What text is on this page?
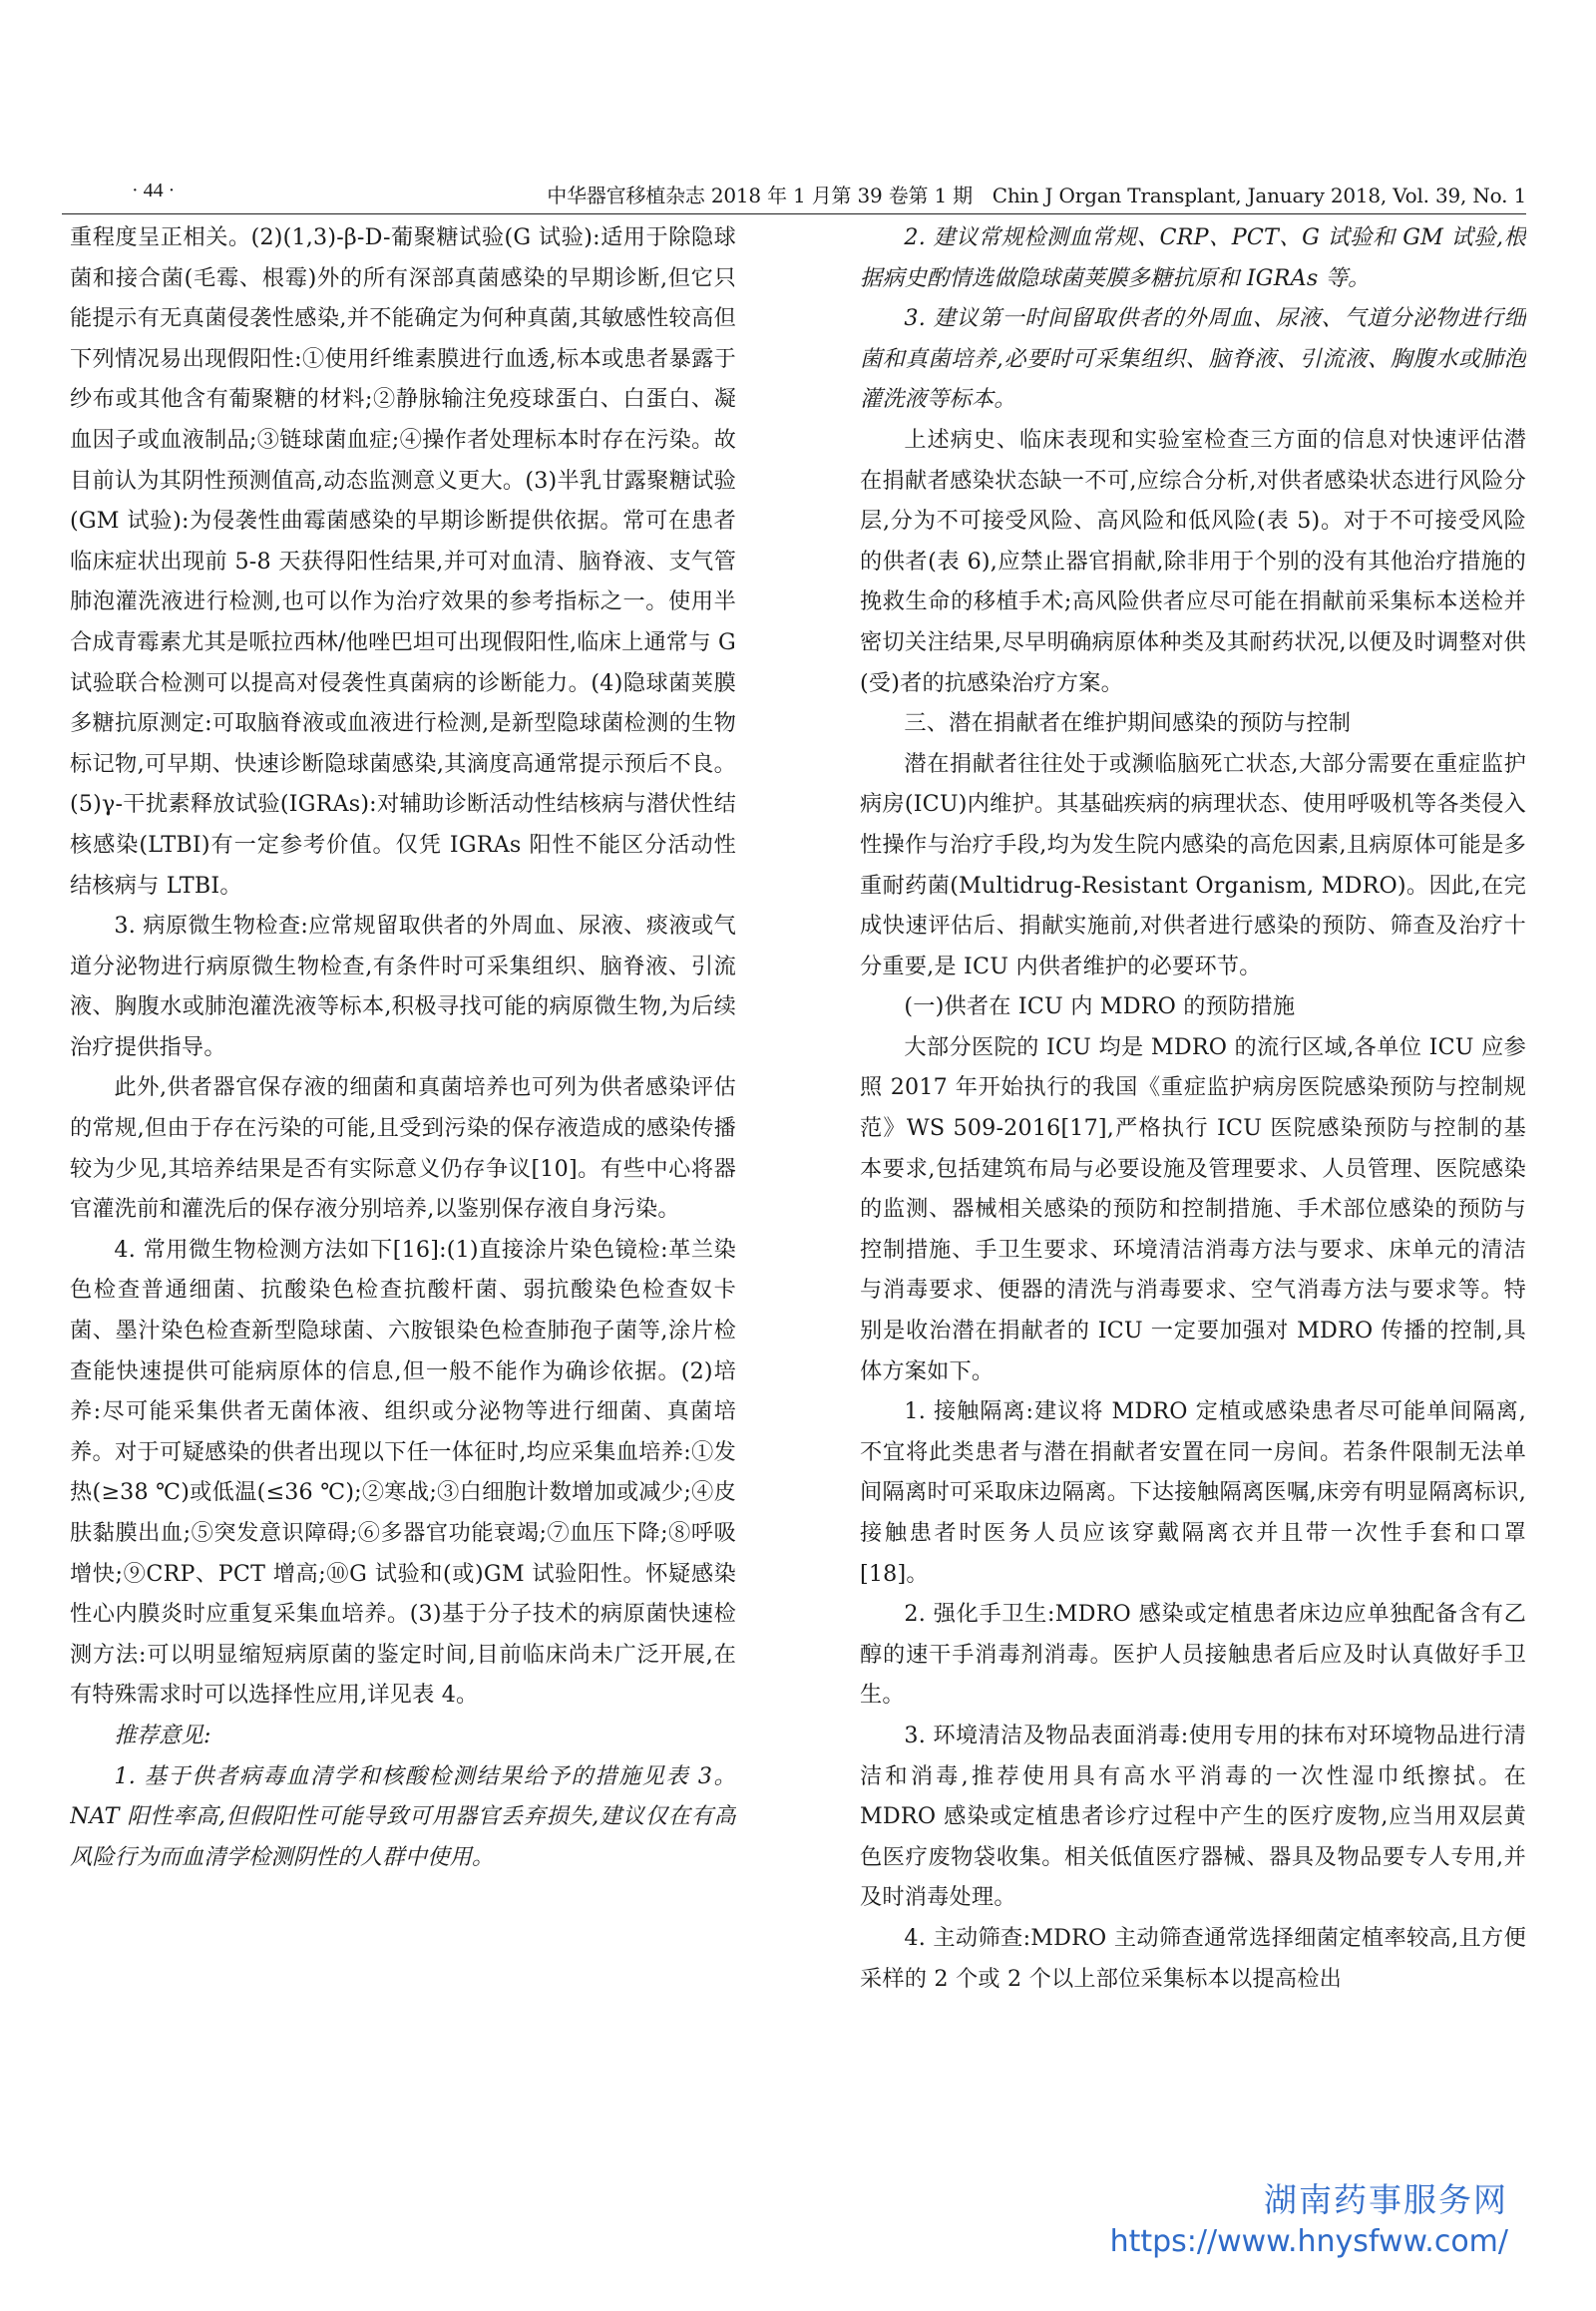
· 44 ·	中华器官移植杂志 2018 年 1 月第 39 卷第 1 期　Chin J Organ Transplant, January 2018, Vol. 39, No. 1

重程度呈正相关。(2)(1,3)-β-D-葡聚糖试验(G 试验):适用于除隐球菌和接合菌(毛霉、根霉)外的所有深部真菌感染的早期诊断,但它只能提示有无真菌侵袭性感染,并不能确定为何种真菌,其敏感性较高但下列情况易出现假阳性:①使用纤维素膜进行血透,标本或患者暴露于纱布或其他含有葡聚糖的材料;②静脉输注免疫球蛋白、白蛋白、凝血因子或血液制品;③链球菌血症;④操作者处理标本时存在污染。故目前认为其阴性预测值高,动态监测意义更大。(3)半乳甘露聚糖试验(GM 试验):为侵袭性曲霉菌感染的早期诊断提供依据。常可在患者临床症状出现前 5-8 天获得阳性结果,并可对血清、脑脊液、支气管肺泡灌洗液进行检测,也可以作为治疗效果的参考指标之一。使用半合成青霉素尤其是哌拉西林/他唑巴坦可出现假阳性,临床上通常与 G 试验联合检测可以提高对侵袭性真菌病的诊断能力。(4)隐球菌荚膜多糖抗原测定:可取脑脊液或血液进行检测,是新型隐球菌检测的生物标记物,可早期、快速诊断隐球菌感染,其滴度高通常提示预后不良。(5)γ-干扰素释放试验(IGRAs):对辅助诊断活动性结核病与潜伏性结核感染(LTBI)有一定参考价值。仅凭 IGRAs 阳性不能区分活动性结核病与 LTBI。

3. 病原微生物检查:应常规留取供者的外周血、尿液、痰液或气道分泌物进行病原微生物检查,有条件时可采集组织、脑脊液、引流液、胸腹水或肺泡灌洗液等标本,积极寻找可能的病原微生物,为后续治疗提供指导。

此外,供者器官保存液的细菌和真菌培养也可列为供者感染评估的常规,但由于存在污染的可能,且受到污染的保存液造成的感染传播较为少见,其培养结果是否有实际意义仍存争议[10]。有些中心将器官灌洗前和灌洗后的保存液分别培养,以鉴别保存液自身污染。

4. 常用微生物检测方法如下[16]:(1)直接涂片染色镜检:革兰染色检查普通细菌、抗酸染色检查抗酸杆菌、弱抗酸染色检查奴卡菌、墨汁染色检查新型隐球菌、六胺银染色检查肺孢子菌等,涂片检查能快速提供可能病原体的信息,但一般不能作为确诊依据。(2)培养:尽可能采集供者无菌体液、组织或分泌物等进行细菌、真菌培养。对于可疑感染的供者出现以下任一体征时,均应采集血培养:①发热(≥38 ℃)或低温(≤36 ℃);②寒战;③白细胞计数增加或减少;④皮肤黏膜出血;⑤突发意识障碍;⑥多器官功能衰竭;⑦血压下降;⑧呼吸增快;⑨CRP、PCT 增高;⑩G 试验和(或)GM 试验阳性。怀疑感染性心内膜炎时应重复采集血培养。(3)基于分子技术的病原菌快速检测方法:可以明显缩短病原菌的鉴定时间,目前临床尚未广泛开展,在有特殊需求时可以选择性应用,详见表 4。

推荐意见:

1. 基于供者病毒血清学和核酸检测结果给予的措施见表 3。NAT 阳性率高,但假阳性可能导致可用器官丢弃损失,建议仅在有高风险行为而血清学检测阴性的人群中使用。

2. 建议常规检测血常规、CRP、PCT、G 试验和 GM 试验,根据病史酌情选做隐球菌荚膜多糖抗原和 IGRAs 等。

3. 建议第一时间留取供者的外周血、尿液、气道分泌物进行细菌和真菌培养,必要时可采集组织、脑脊液、引流液、胸腹水或肺泡灌洗液等标本。

上述病史、临床表现和实验室检查三方面的信息对快速评估潜在捐献者感染状态缺一不可,应综合分析,对供者感染状态进行风险分层,分为不可接受风险、高风险和低风险(表 5)。对于不可接受风险的供者(表 6),应禁止器官捐献,除非用于个别的没有其他治疗措施的挽救生命的移植手术;高风险供者应尽可能在捐献前采集标本送检并密切关注结果,尽早明确病原体种类及其耐药状况,以便及时调整对供(受)者的抗感染治疗方案。

三、潜在捐献者在维护期间感染的预防与控制

潜在捐献者往往处于或濒临脑死亡状态,大部分需要在重症监护病房(ICU)内维护。其基础疾病的病理状态、使用呼吸机等各类侵入性操作与治疗手段,均为发生院内感染的高危因素,且病原体可能是多重耐药菌(Multidrug-Resistant Organism, MDRO)。因此,在完成快速评估后、捐献实施前,对供者进行感染的预防、筛查及治疗十分重要,是 ICU 内供者维护的必要环节。

(一)供者在 ICU 内 MDRO 的预防措施

大部分医院的 ICU 均是 MDRO 的流行区域,各单位 ICU 应参照 2017 年开始执行的我国《重症监护病房医院感染预防与控制规范》WS 509-2016[17],严格执行 ICU 医院感染预防与控制的基本要求,包括建筑布局与必要设施及管理要求、人员管理、医院感染的监测、器械相关感染的预防和控制措施、手术部位感染的预防与控制措施、手卫生要求、环境清洁消毒方法与要求、床单元的清洁与消毒要求、便器的清洗与消毒要求、空气消毒方法与要求等。特别是收治潜在捐献者的 ICU 一定要加强对 MDRO 传播的控制,具体方案如下。

1. 接触隔离:建议将 MDRO 定植或感染患者尽可能单间隔离,不宜将此类患者与潜在捐献者安置在同一房间。若条件限制无法单间隔离时可采取床边隔离。下达接触隔离医嘱,床旁有明显隔离标识,接触患者时医务人员应该穿戴隔离衣并且带一次性手套和口罩[18]。

2. 强化手卫生:MDRO 感染或定植患者床边应单独配备含有乙醇的速干手消毒剂消毒。医护人员接触患者后应及时认真做好手卫生。

3. 环境清洁及物品表面消毒:使用专用的抹布对环境物品进行清洁和消毒,推荐使用具有高水平消毒的一次性湿巾纸擦拭。在 MDRO 感染或定植患者诊疗过程中产生的医疗废物,应当用双层黄色医疗废物袋收集。相关低值医疗器械、器具及物品要专人专用,并及时消毒处理。

4. 主动筛查:MDRO 主动筛查通常选择细菌定植率较高,且方便采样的 2 个或 2 个以上部位采集标本以提高检出

湖南药事服务网
https://www.hnysfww.com/
